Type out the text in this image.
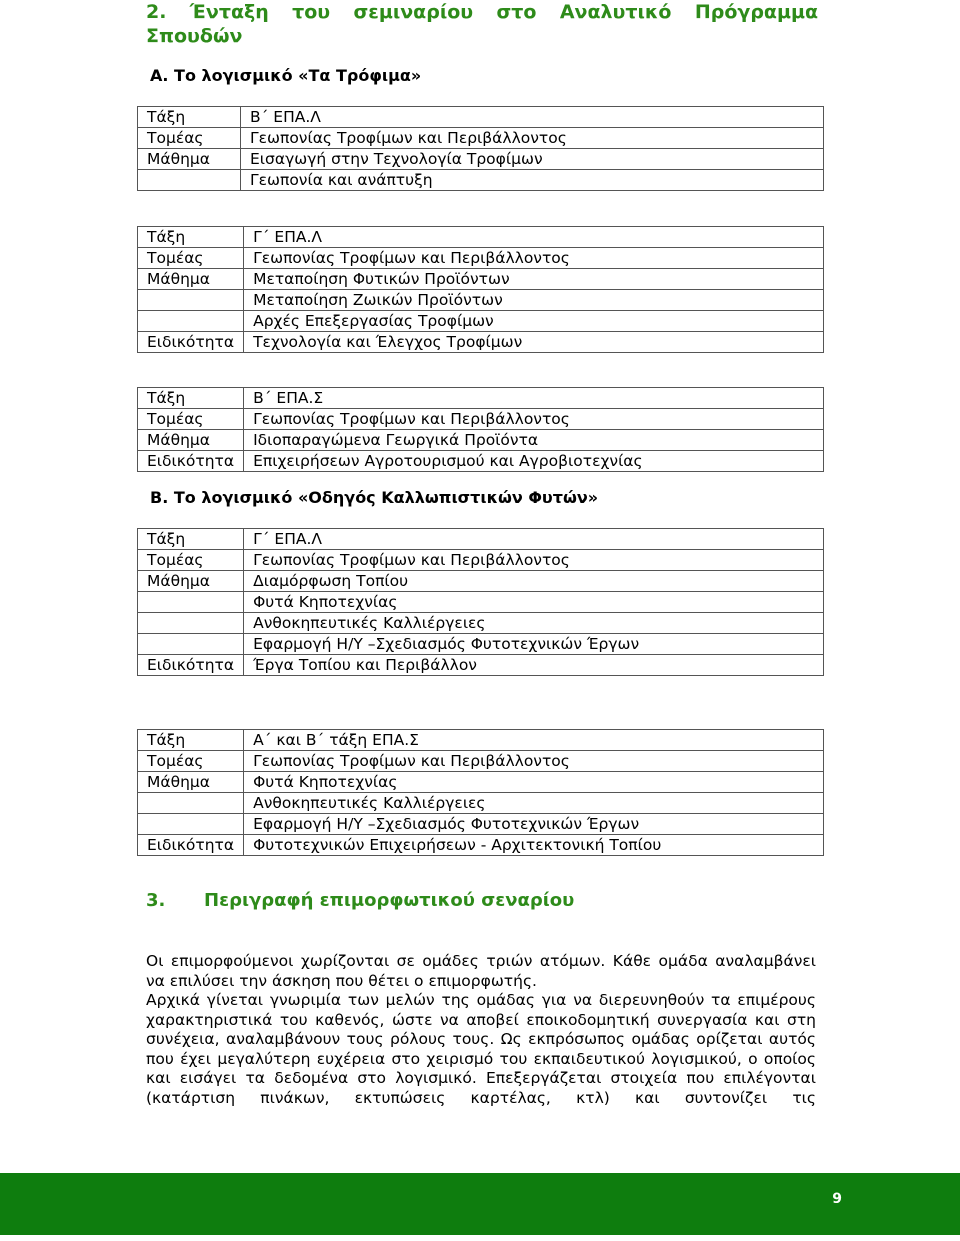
2. Ένταξη του σεμιναρίου στο Αναλυτικό Πρόγραμμα Σπουδών
Α. Το λογισμικό «Τα Τρόφιμα»
Τάξη	Β΄ ΕΠΑ.Λ
Τομέας	Γεωπονίας Τροφίμων και Περιβάλλοντος
Μάθημα	Εισαγωγή στην Τεχνολογία Τροφίμων
	Γεωπονία και ανάπτυξη
Τάξη	Γ΄ ΕΠΑ.Λ
Τομέας	Γεωπονίας Τροφίμων και Περιβάλλοντος
Μάθημα	Μεταποίηση Φυτικών Προϊόντων
	Μεταποίηση Ζωικών Προϊόντων
	Αρχές Επεξεργασίας Τροφίμων
Ειδικότητα	Τεχνολογία και Έλεγχος Τροφίμων
Τάξη	Β΄ ΕΠΑ.Σ
Τομέας	Γεωπονίας Τροφίμων και Περιβάλλοντος
Μάθημα	Ιδιοπαραγώμενα Γεωργικά Προϊόντα
Ειδικότητα	Επιχειρήσεων Αγροτουρισμού και Αγροβιοτεχνίας
Β. Το λογισμικό «Οδηγός Καλλωπιστικών Φυτών»
Τάξη	Γ΄ ΕΠΑ.Λ
Τομέας	Γεωπονίας Τροφίμων και Περιβάλλοντος
Μάθημα	Διαμόρφωση Τοπίου
	Φυτά Κηποτεχνίας
	Ανθοκηπευτικές Καλλιέργειες
	Εφαρμογή Η/Υ –Σχεδιασμός Φυτοτεχνικών Έργων
Ειδικότητα	Έργα Τοπίου και Περιβάλλον
Τάξη	Α΄ και Β΄ τάξη ΕΠΑ.Σ
Τομέας	Γεωπονίας Τροφίμων και Περιβάλλοντος
Μάθημα	Φυτά Κηποτεχνίας
	Ανθοκηπευτικές Καλλιέργειες
	Εφαρμογή Η/Υ –Σχεδιασμός Φυτοτεχνικών Έργων
Ειδικότητα	Φυτοτεχνικών Επιχειρήσεων - Αρχιτεκτονική Τοπίου
3. Περιγραφή επιμορφωτικού σεναρίου
Οι επιμορφούμενοι χωρίζονται σε ομάδες τριών ατόμων. Κάθε ομάδα αναλαμβάνει να επιλύσει την άσκηση που θέτει ο επιμορφωτής.
Αρχικά γίνεται γνωριμία των μελών της ομάδας για να διερευνηθούν τα επιμέρους χαρακτηριστικά του καθενός, ώστε να αποβεί εποικοδομητική συνεργασία και στη συνέχεια, αναλαμβάνουν τους ρόλους τους. Ως εκπρόσωπος ομάδας ορίζεται αυτός που έχει μεγαλύτερη ευχέρεια στο χειρισμό του εκπαιδευτικού λογισμικού, ο οποίος και εισάγει τα δεδομένα στο λογισμικό. Επεξεργάζεται στοιχεία που επιλέγονται (κατάρτιση πινάκων, εκτυπώσεις καρτέλας, κτλ) και συντονίζει τις
9
